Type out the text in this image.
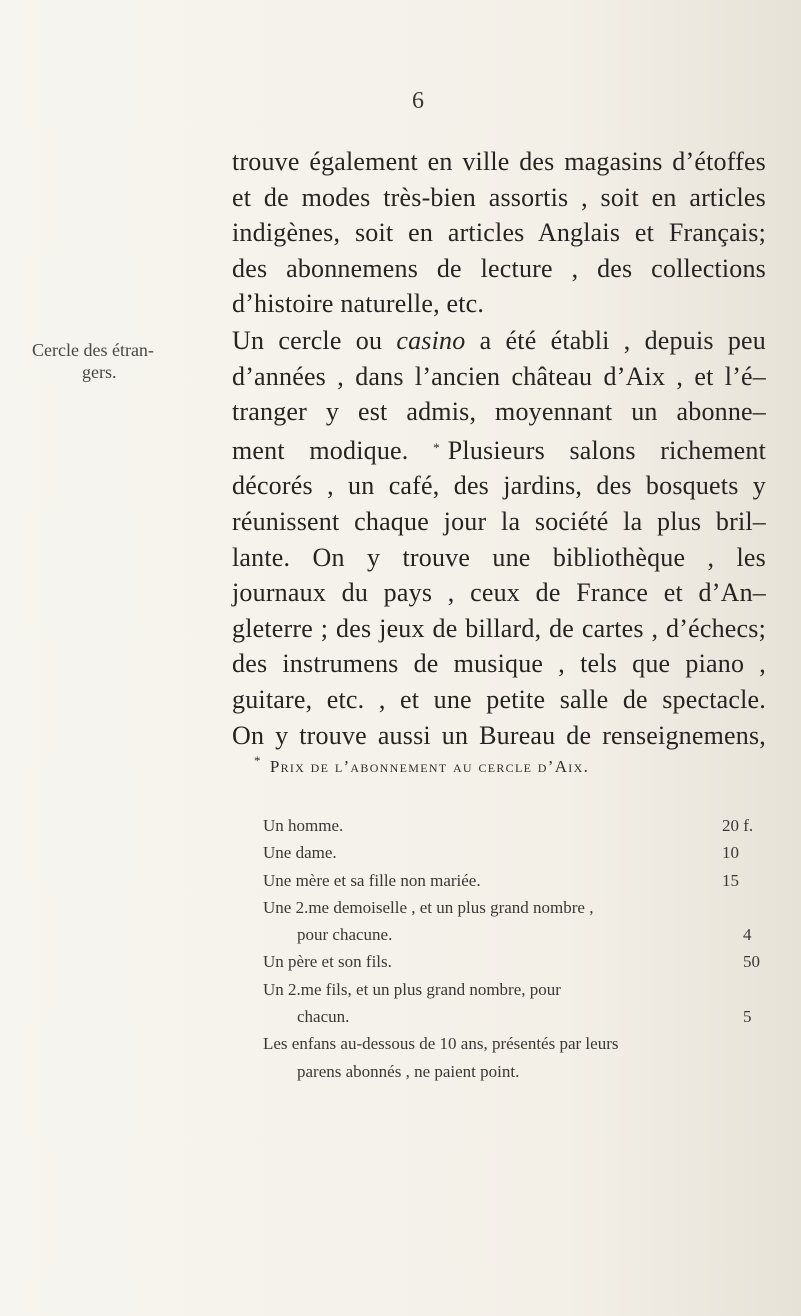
6
trouve également en ville des magasins d’étoffes
et de modes très-bien assortis , soit en articles
indigènes, soit en articles Anglais et Français;
des abonnemens de lecture , des collections
d’histoire naturelle, etc.
Cercle des étran-
gers.
Un cercle ou casino a été établi , depuis peu
d’années , dans l’ancien château d’Aix , et l’é–
tranger y est admis, moyennant un abonne–
ment modique. * Plusieurs salons richement
décorés , un café, des jardins, des bosquets y
réunissent chaque jour la société la plus bril–
lante. On y trouve une bibliothèque , les
journaux du pays , ceux de France et d’An–
gleterre ; des jeux de billard, de cartes , d’échecs;
des instrumens de musique , tels que piano ,
guitare, etc. , et une petite salle de spectacle.
On y trouve aussi un Bureau de renseignemens,
* Prix de l’abonnement au cercle d’Aix.
Un homme.	20 f.
Une dame.	10
Une mère et sa fille non mariée.	15
Une 2.me demoiselle , et un plus grand nombre ,
pour chacune.	4
Un père et son fils.	50
Un 2.me fils, et un plus grand nombre, pour
chacun.	5
Les enfans au-dessous de 10 ans, présentés par leurs
parens abonnés , ne paient point.
